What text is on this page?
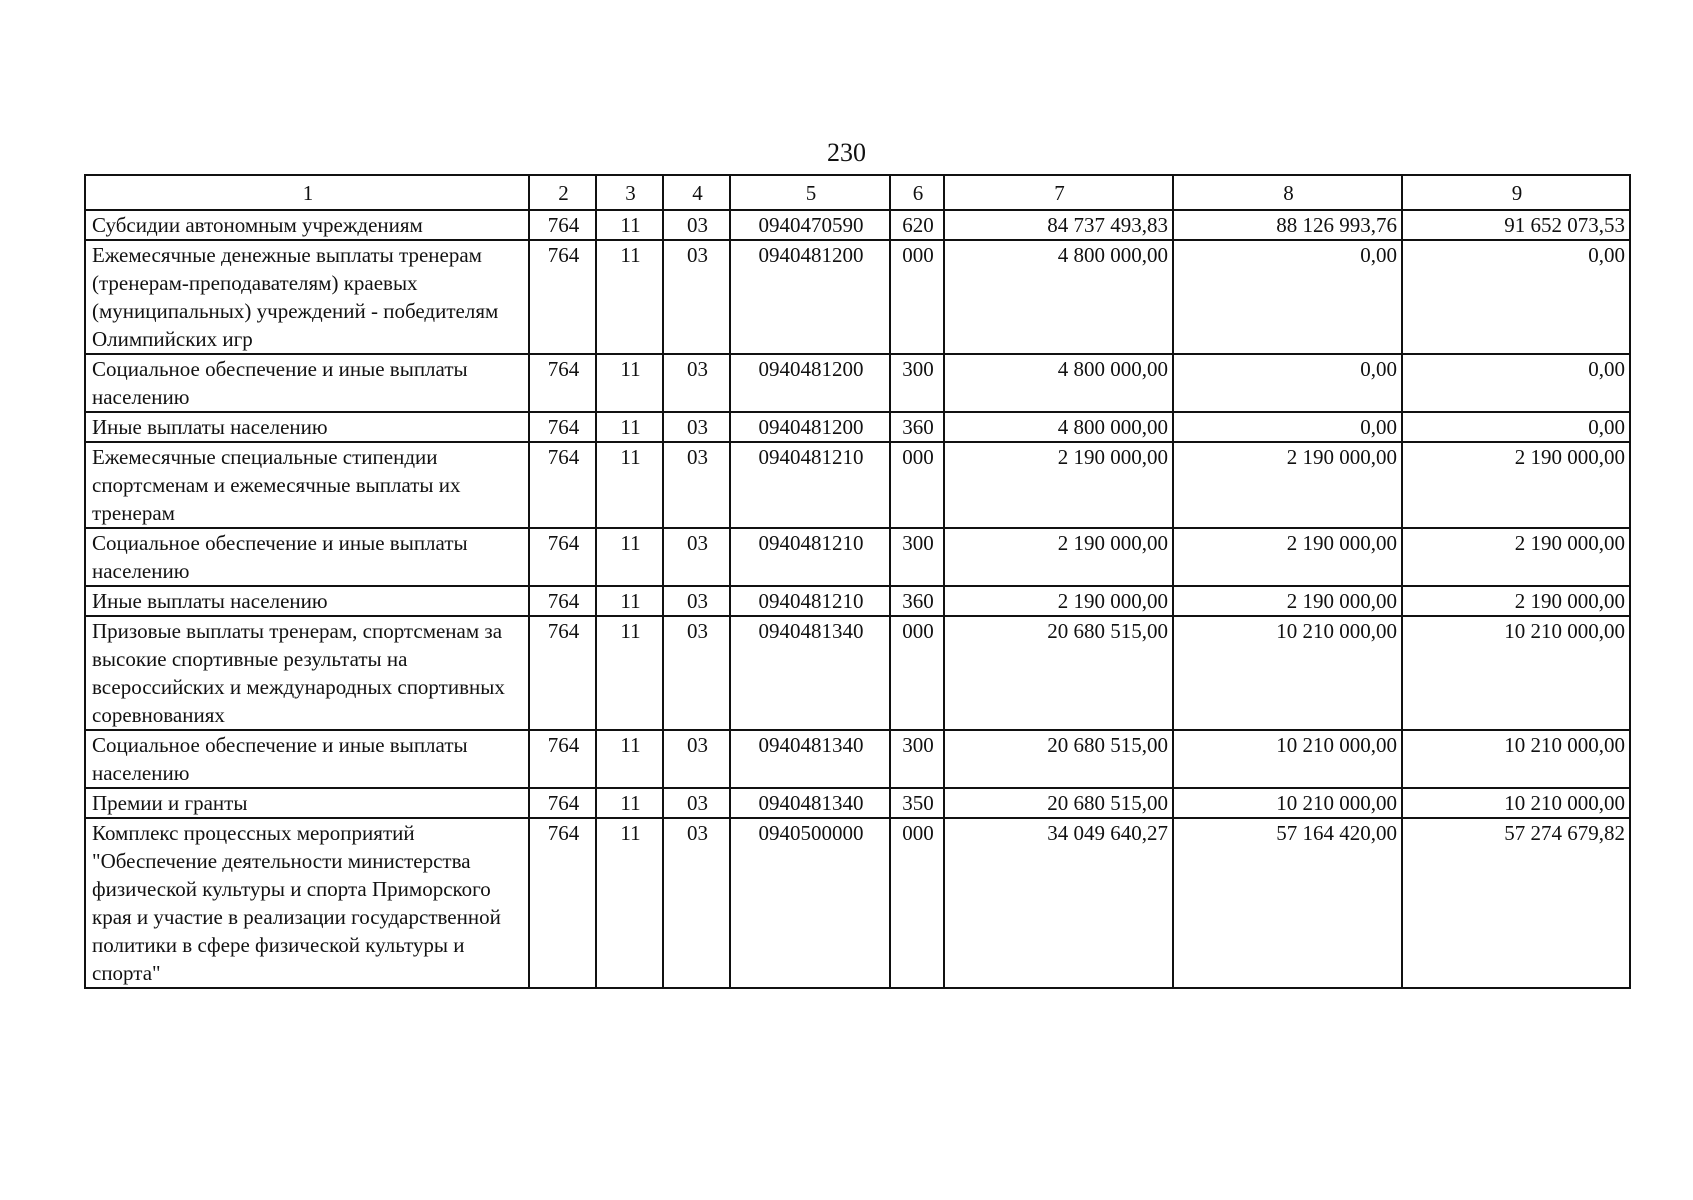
230
1	2	3	4	5	6	7	8	9
Субсидии автономным учреждениям	764	11	03	0940470590	620	84 737 493,83	88 126 993,76	91 652 073,53
Ежемесячные денежные выплаты тренерам (тренерам-преподавателям) краевых (муниципальных) учреждений - победителям Олимпийских игр	764	11	03	0940481200	000	4 800 000,00	0,00	0,00
Социальное обеспечение и иные выплаты населению	764	11	03	0940481200	300	4 800 000,00	0,00	0,00
Иные выплаты населению	764	11	03	0940481200	360	4 800 000,00	0,00	0,00
Ежемесячные специальные стипендии спортсменам и ежемесячные выплаты их тренерам	764	11	03	0940481210	000	2 190 000,00	2 190 000,00	2 190 000,00
Социальное обеспечение и иные выплаты населению	764	11	03	0940481210	300	2 190 000,00	2 190 000,00	2 190 000,00
Иные выплаты населению	764	11	03	0940481210	360	2 190 000,00	2 190 000,00	2 190 000,00
Призовые выплаты тренерам, спортсменам за высокие спортивные результаты на всероссийских и международных спортивных соревнованиях	764	11	03	0940481340	000	20 680 515,00	10 210 000,00	10 210 000,00
Социальное обеспечение и иные выплаты населению	764	11	03	0940481340	300	20 680 515,00	10 210 000,00	10 210 000,00
Премии и гранты	764	11	03	0940481340	350	20 680 515,00	10 210 000,00	10 210 000,00
Комплекс процессных мероприятий "Обеспечение деятельности министерства физической культуры и спорта Приморского края и участие в реализации государственной политики в сфере физической культуры и спорта"	764	11	03	0940500000	000	34 049 640,27	57 164 420,00	57 274 679,82
